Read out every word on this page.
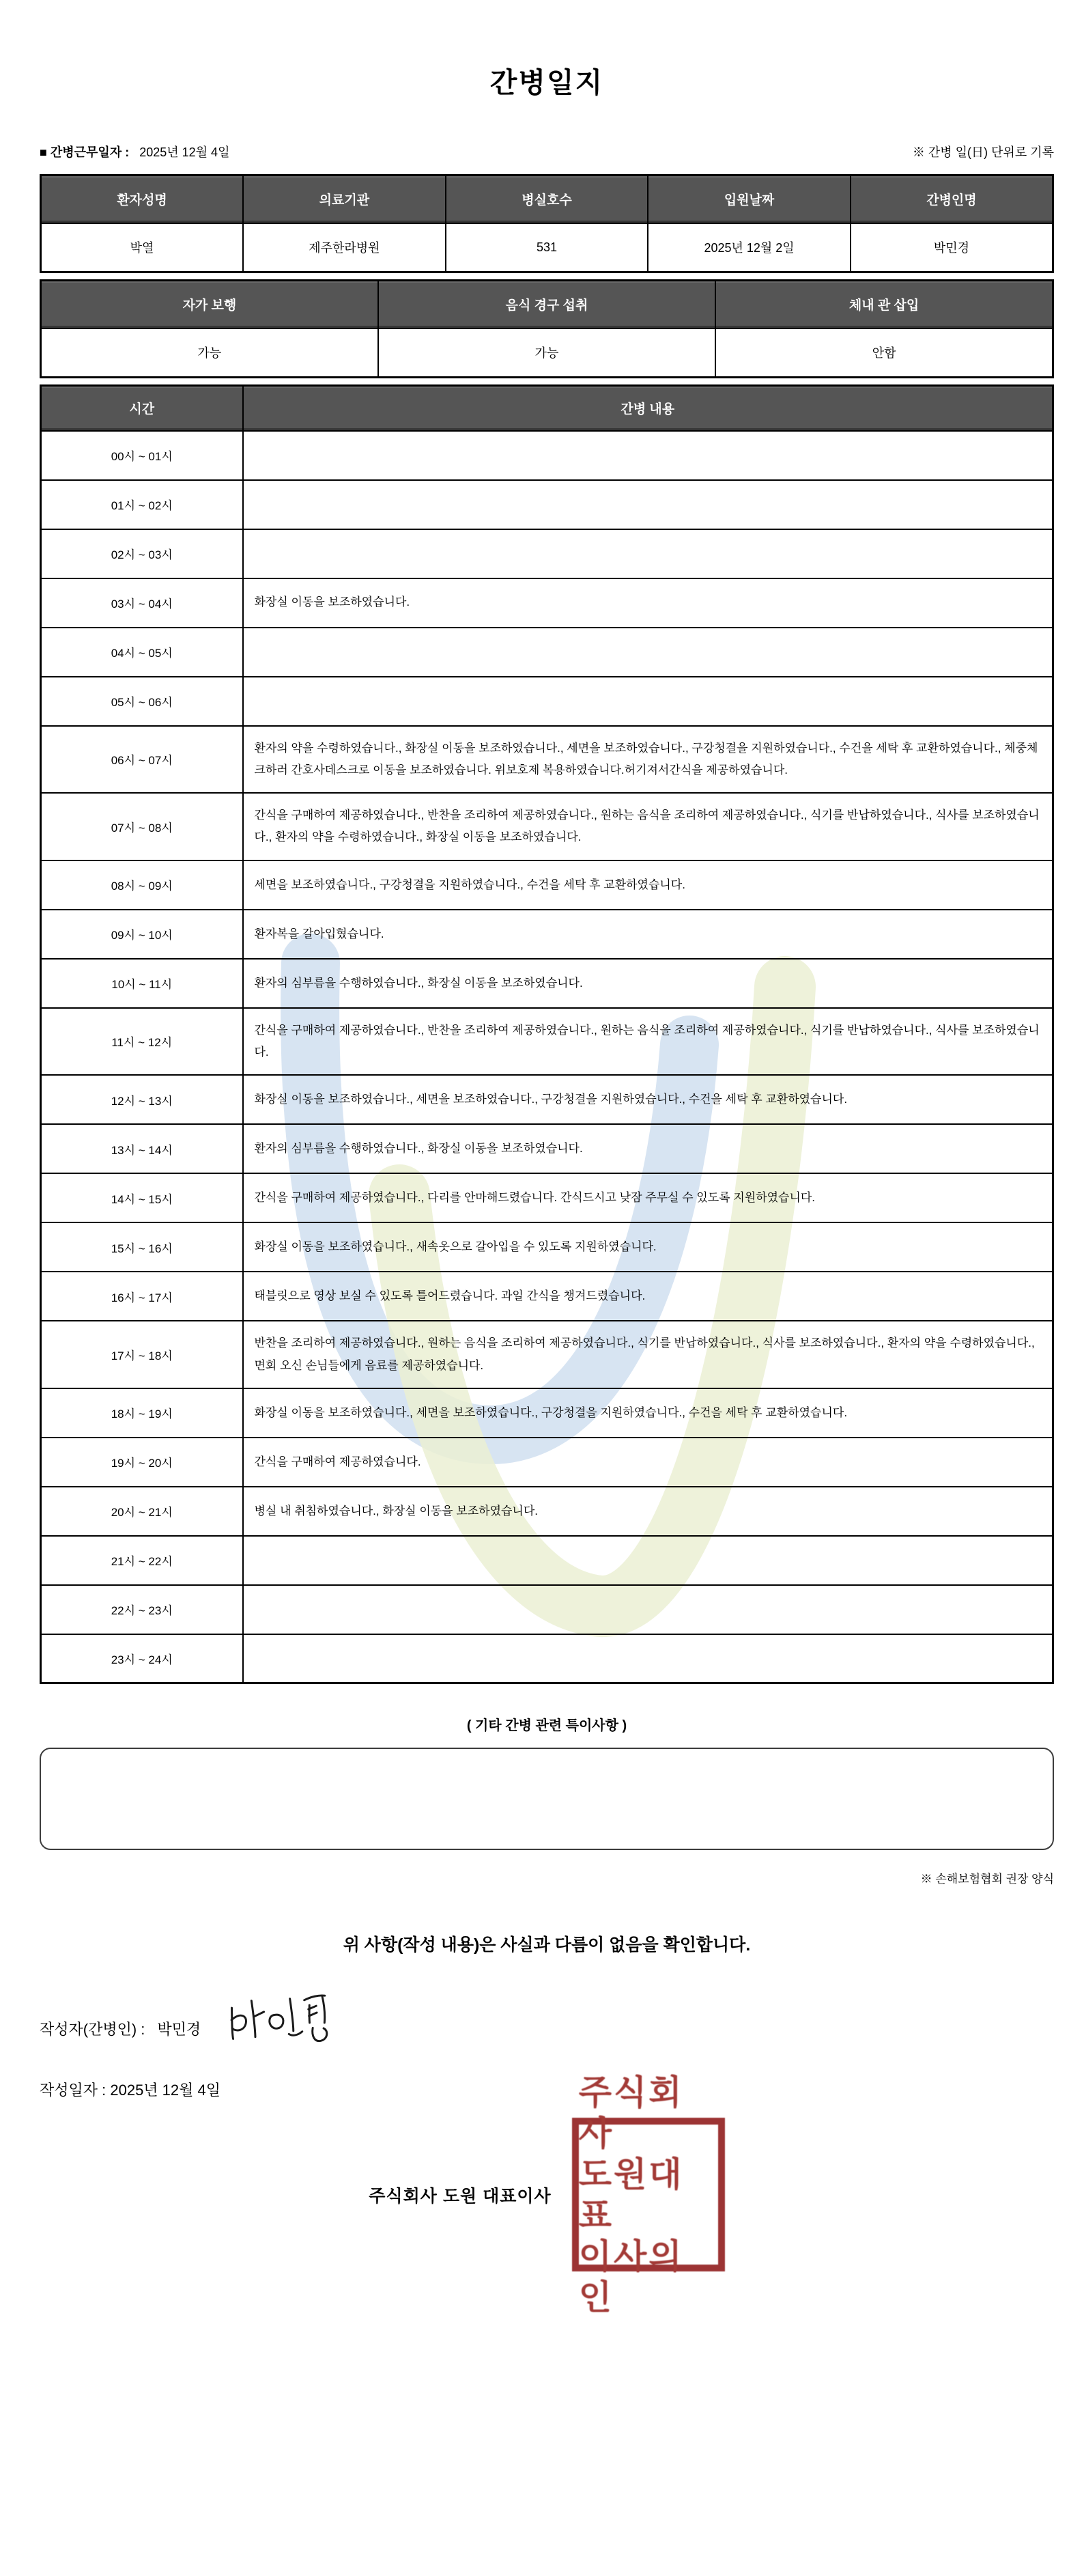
간병일지
■ 간병근무일자 : 2025년 12월 4일	※ 간병 일(日) 단위로 기록
환자성명	의료기관	병실호수	입원날짜	간병인명
박열	제주한라병원	531	2025년 12월 2일	박민경
자가 보행	음식 경구 섭취	체내 관 삽입
가능	가능	안함
시간	간병 내용
00시 ~ 01시	
01시 ~ 02시	
02시 ~ 03시	
03시 ~ 04시	화장실 이동을 보조하였습니다.
04시 ~ 05시	
05시 ~ 06시	
06시 ~ 07시	환자의 약을 수령하였습니다., 화장실 이동을 보조하였습니다., 세면을 보조하였습니다., 구강청결을 지원하였습니다., 수건을 세탁 후 교환하였습니다., 체중체크하러 간호사데스크로 이동을 보조하였습니다. 위보호제 복용하였습니다.허기져서간식을 제공하였습니다.
07시 ~ 08시	간식을 구매하여 제공하였습니다., 반찬을 조리하여 제공하였습니다., 원하는 음식을 조리하여 제공하였습니다., 식기를 반납하였습니다., 식사를 보조하였습니다., 환자의 약을 수령하였습니다., 화장실 이동을 보조하였습니다.
08시 ~ 09시	세면을 보조하였습니다., 구강청결을 지원하였습니다., 수건을 세탁 후 교환하였습니다.
09시 ~ 10시	환자복을 갈아입혔습니다.
10시 ~ 11시	환자의 심부름을 수행하였습니다., 화장실 이동을 보조하였습니다.
11시 ~ 12시	간식을 구매하여 제공하였습니다., 반찬을 조리하여 제공하였습니다., 원하는 음식을 조리하여 제공하였습니다., 식기를 반납하였습니다., 식사를 보조하였습니다.
12시 ~ 13시	화장실 이동을 보조하였습니다., 세면을 보조하였습니다., 구강청결을 지원하였습니다., 수건을 세탁 후 교환하였습니다.
13시 ~ 14시	환자의 심부름을 수행하였습니다., 화장실 이동을 보조하였습니다.
14시 ~ 15시	간식을 구매하여 제공하였습니다., 다리를 안마해드렸습니다. 간식드시고 낮잠 주무실 수 있도록 지원하였습니다.
15시 ~ 16시	화장실 이동을 보조하였습니다., 새속옷으로 갈아입을 수 있도록 지원하였습니다.
16시 ~ 17시	태블릿으로 영상 보실 수 있도록 틀어드렸습니다. 과일 간식을 챙겨드렸습니다.
17시 ~ 18시	반찬을 조리하여 제공하였습니다., 원하는 음식을 조리하여 제공하였습니다., 식기를 반납하였습니다., 식사를 보조하였습니다., 환자의 약을 수령하였습니다., 면회 오신 손님들에게 음료를 제공하였습니다.
18시 ~ 19시	화장실 이동을 보조하였습니다., 세면을 보조하였습니다., 구강청결을 지원하였습니다., 수건을 세탁 후 교환하였습니다.
19시 ~ 20시	간식을 구매하여 제공하였습니다.
20시 ~ 21시	병실 내 취침하였습니다., 화장실 이동을 보조하였습니다.
21시 ~ 22시	
22시 ~ 23시	
23시 ~ 24시	
( 기타 간병 관련 특이사항 )
※ 손해보험협회 권장 양식
위 사항(작성 내용)은 사실과 다름이 없음을 확인합니다.
작성자(간병인) : 박민경
작성일자 : 2025년 12월 4일
주식회사 도원 대표이사
주식회사
도원대표
이사의인
